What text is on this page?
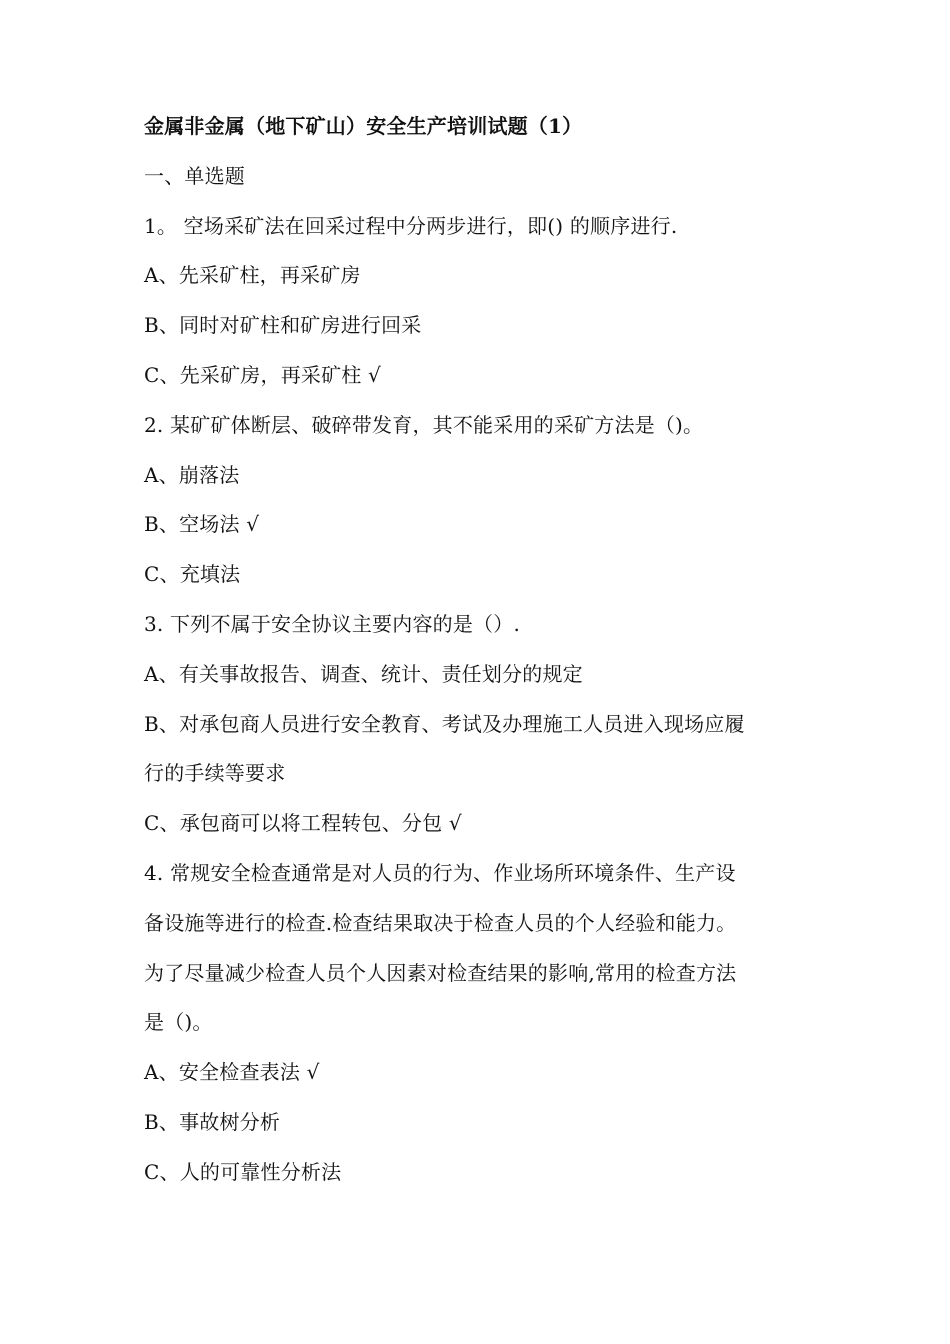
金属非金属（地下矿山）安全生产培训试题（1）
一、单选题
1。 空场采矿法在回采过程中分两步进行，即() 的顺序进行.
A、先采矿柱，再采矿房
B、同时对矿柱和矿房进行回采
C、先采矿房，再采矿柱 √
2. 某矿矿体断层、破碎带发育，其不能采用的采矿方法是（)。
A、崩落法
B、空场法 √
C、充填法
3. 下列不属于安全协议主要内容的是（）.
A、有关事故报告、调查、统计、责任划分的规定
B、对承包商人员进行安全教育、考试及办理施工人员进入现场应履
行的手续等要求
C、承包商可以将工程转包、分包 √
4. 常规安全检查通常是对人员的行为、作业场所环境条件、生产设
备设施等进行的检查.检查结果取决于检查人员的个人经验和能力。
为了尽量减少检查人员个人因素对检查结果的影响,常用的检查方法
是（)。
A、安全检查表法 √
B、事故树分析
C、人的可靠性分析法
